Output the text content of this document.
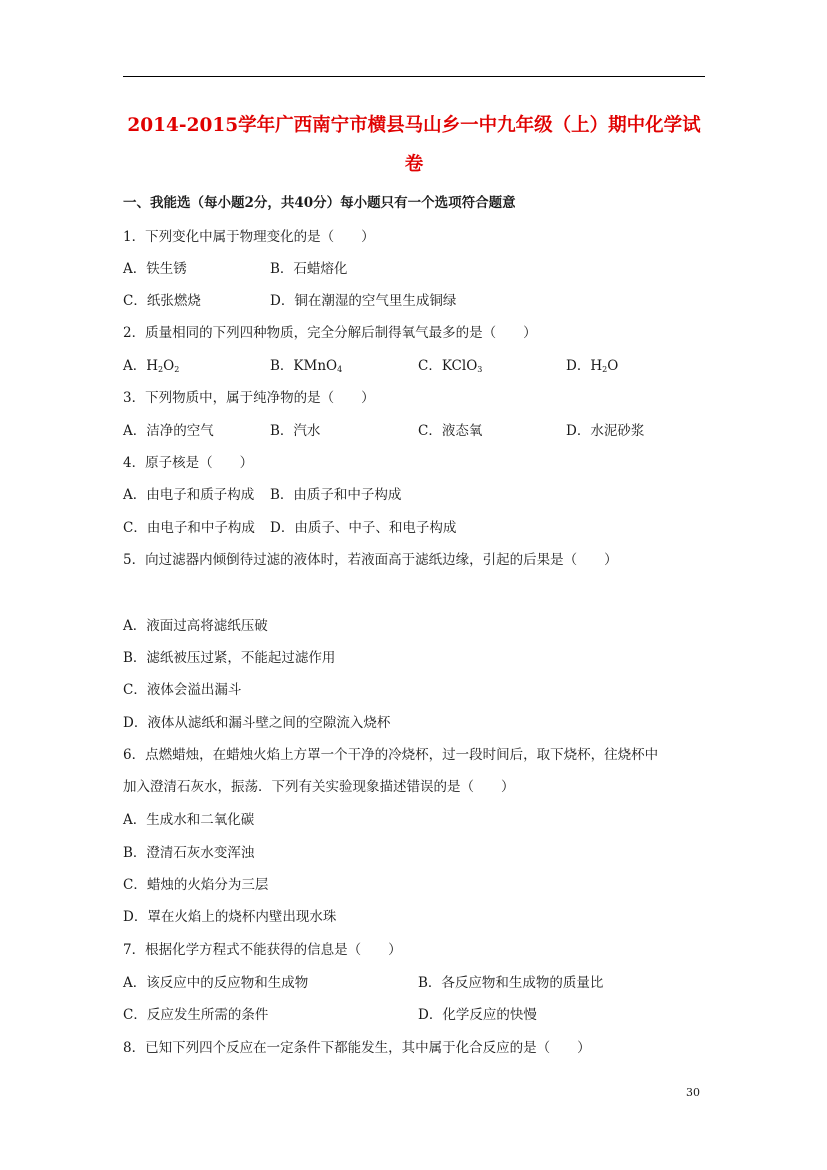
2014-2015学年广西南宁市横县马山乡一中九年级（上）期中化学试
卷
一、我能选（每小题2分，共40分）每小题只有一个选项符合题意
1．下列变化中属于物理变化的是（　　）
A．铁生锈	B．石蜡熔化
C．纸张燃烧	D．铜在潮湿的空气里生成铜绿
2．质量相同的下列四种物质，完全分解后制得氧气最多的是（　　）
A．$H_2O_2$	B．KMnO$_4$	C．KClO$_3$	D．$H_2O$
3．下列物质中，属于纯净物的是（　　）
A．洁净的空气	B．汽水	C．液态氧	D．水泥砂浆
4．原子核是（　　）
A．由电子和质子构成 B．由质子和中子构成
C．由电子和中子构成 D．由质子、中子、和电子构成
5．向过滤器内倾倒待过滤的液体时，若液面高于滤纸边缘，引起的后果是（　　）
A．液面过高将滤纸压破
B．滤纸被压过紧，不能起过滤作用
C．液体会溢出漏斗
D．液体从滤纸和漏斗壁之间的空隙流入烧杯
6．点燃蜡烛，在蜡烛火焰上方罩一个干净的冷烧杯，过一段时间后，取下烧杯，往烧杯中
加入澄清石灰水，振荡．下列有关实验现象描述错误的是（　　）
A．生成水和二氧化碳
B．澄清石灰水变浑浊
C．蜡烛的火焰分为三层
D．罩在火焰上的烧杯内壁出现水珠
7．根据化学方程式不能获得的信息是（　　）
A．该反应中的反应物和生成物	B．各反应物和生成物的质量比
C．反应发生所需的条件	D．化学反应的快慢
8．已知下列四个反应在一定条件下都能发生，其中属于化合反应的是（　　）
30
